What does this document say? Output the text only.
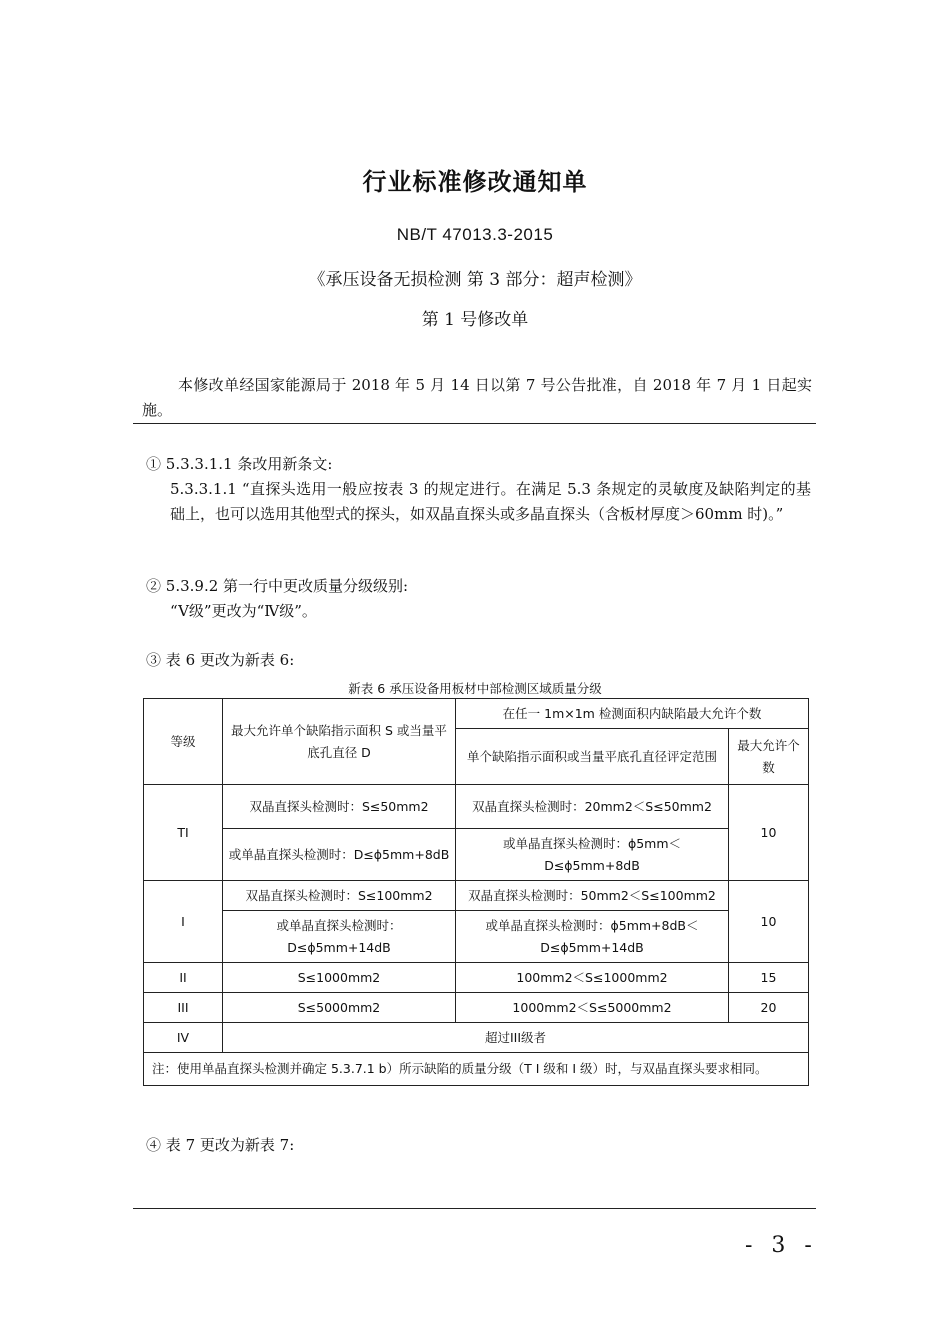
行业标准修改通知单
NB/T 47013.3-2015
《承压设备无损检测 第 3 部分：超声检测》
第 1 号修改单
本修改单经国家能源局于 2018 年 5 月 14 日以第 7 号公告批准，自 2018 年 7 月 1 日起实施。
① 5.3.3.1.1 条改用新条文:
5.3.3.1.1 “直探头选用一般应按表 3 的规定进行。在满足 5.3 条规定的灵敏度及缺陷判定的基础上，也可以选用其他型式的探头，如双晶直探头或多晶直探头（含板材厚度＞60mm 时)。”
② 5.3.9.2 第一行中更改质量分级级别:
“V级”更改为“Ⅳ级”。
③ 表 6 更改为新表 6:
新表 6 承压设备用板材中部检测区域质量分级
等级	最大允许单个缺陷指示面积 S 或当量平底孔直径 D	在任一 1m×1m 检测面积内缺陷最大允许个数	
		单个缺陷指示面积或当量平底孔直径评定范围	最大允许个数
TI	双晶直探头检测时：S≤50mm2	双晶直探头检测时：20mm2＜S≤50mm2	10
	或单晶直探头检测时：D≤ϕ5mm+8dB	或单晶直探头检测时：ϕ5mm＜D≤ϕ5mm+8dB	
I	双晶直探头检测时：S≤100mm2	双晶直探头检测时：50mm2＜S≤100mm2	10
	或单晶直探头检测时：D≤ϕ5mm+14dB	或单晶直探头检测时：ϕ5mm+8dB＜D≤ϕ5mm+14dB	
II	S≤1000mm2	100mm2＜S≤1000mm2	15
III	S≤5000mm2	1000mm2＜S≤5000mm2	20
IV	超过III级者		
注：使用单晶直探头检测并确定 5.3.7.1 b）所示缺陷的质量分级（T I 级和 I 级）时，与双晶直探头要求相同。			
④ 表 7 更改为新表 7:
- 3 -
